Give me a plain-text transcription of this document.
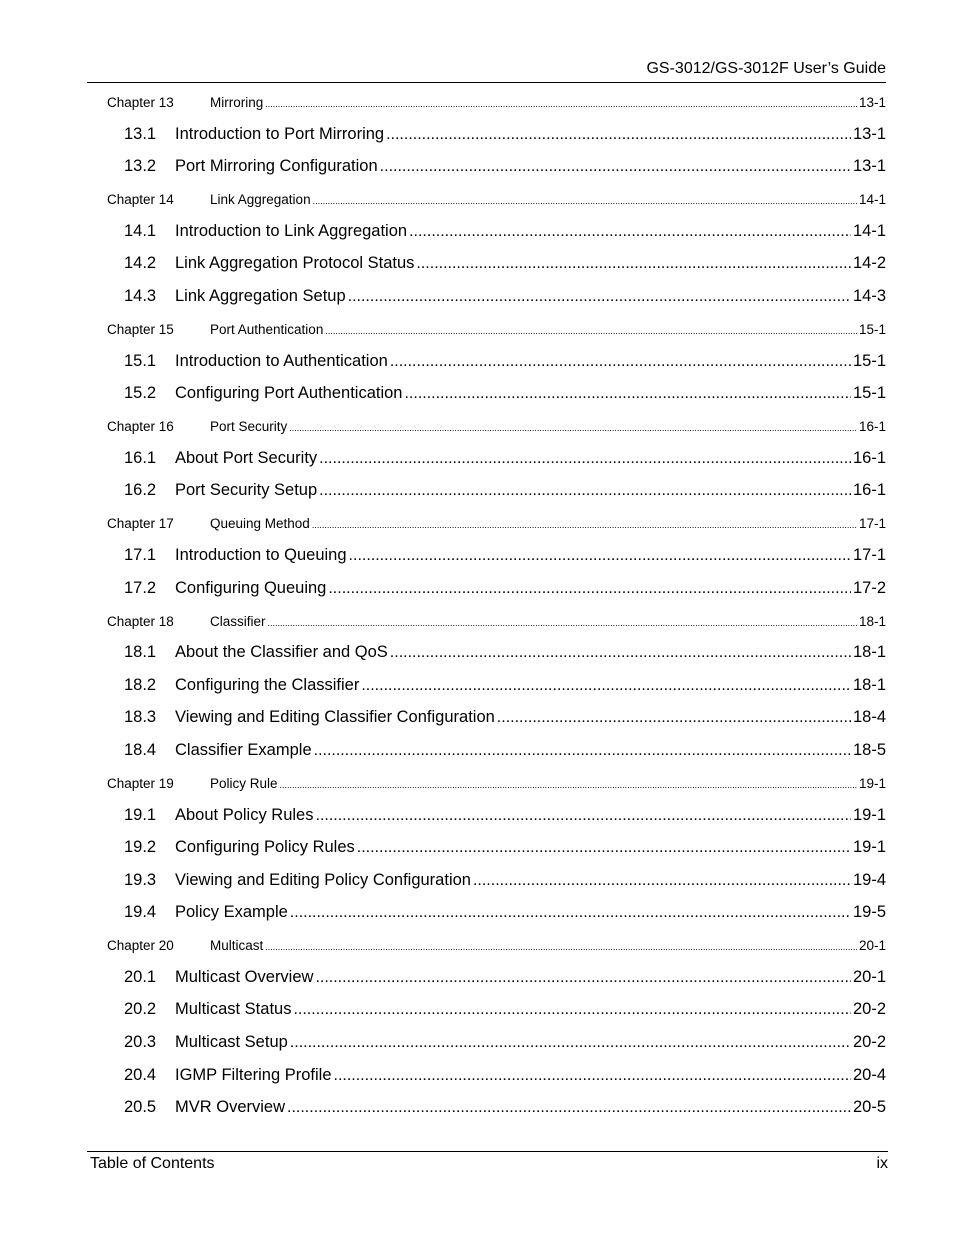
GS-3012/GS-3012F User’s Guide
Chapter 13	Mirroring .....	13-1
13.1	Introduction to Port Mirroring .....	13-1
13.2	Port Mirroring Configuration .....	13-1
Chapter 14	Link Aggregation .....	14-1
14.1	Introduction to Link Aggregation .....	14-1
14.2	Link Aggregation Protocol Status .....	14-2
14.3	Link Aggregation Setup .....	14-3
Chapter 15	Port Authentication .....	15-1
15.1	Introduction to Authentication .....	15-1
15.2	Configuring Port Authentication .....	15-1
Chapter 16	Port Security .....	16-1
16.1	About Port Security .....	16-1
16.2	Port Security Setup .....	16-1
Chapter 17	Queuing Method .....	17-1
17.1	Introduction to Queuing .....	17-1
17.2	Configuring Queuing .....	17-2
Chapter 18	Classifier .....	18-1
18.1	About the Classifier and QoS .....	18-1
18.2	Configuring the Classifier .....	18-1
18.3	Viewing and Editing Classifier Configuration .....	18-4
18.4	Classifier Example .....	18-5
Chapter 19	Policy Rule .....	19-1
19.1	About Policy Rules .....	19-1
19.2	Configuring Policy Rules .....	19-1
19.3	Viewing and Editing Policy Configuration .....	19-4
19.4	Policy Example .....	19-5
Chapter 20	Multicast .....	20-1
20.1	Multicast Overview .....	20-1
20.2	Multicast Status .....	20-2
20.3	Multicast Setup .....	20-2
20.4	IGMP Filtering Profile .....	20-4
20.5	MVR Overview .....	20-5
Table of Contents	ix
